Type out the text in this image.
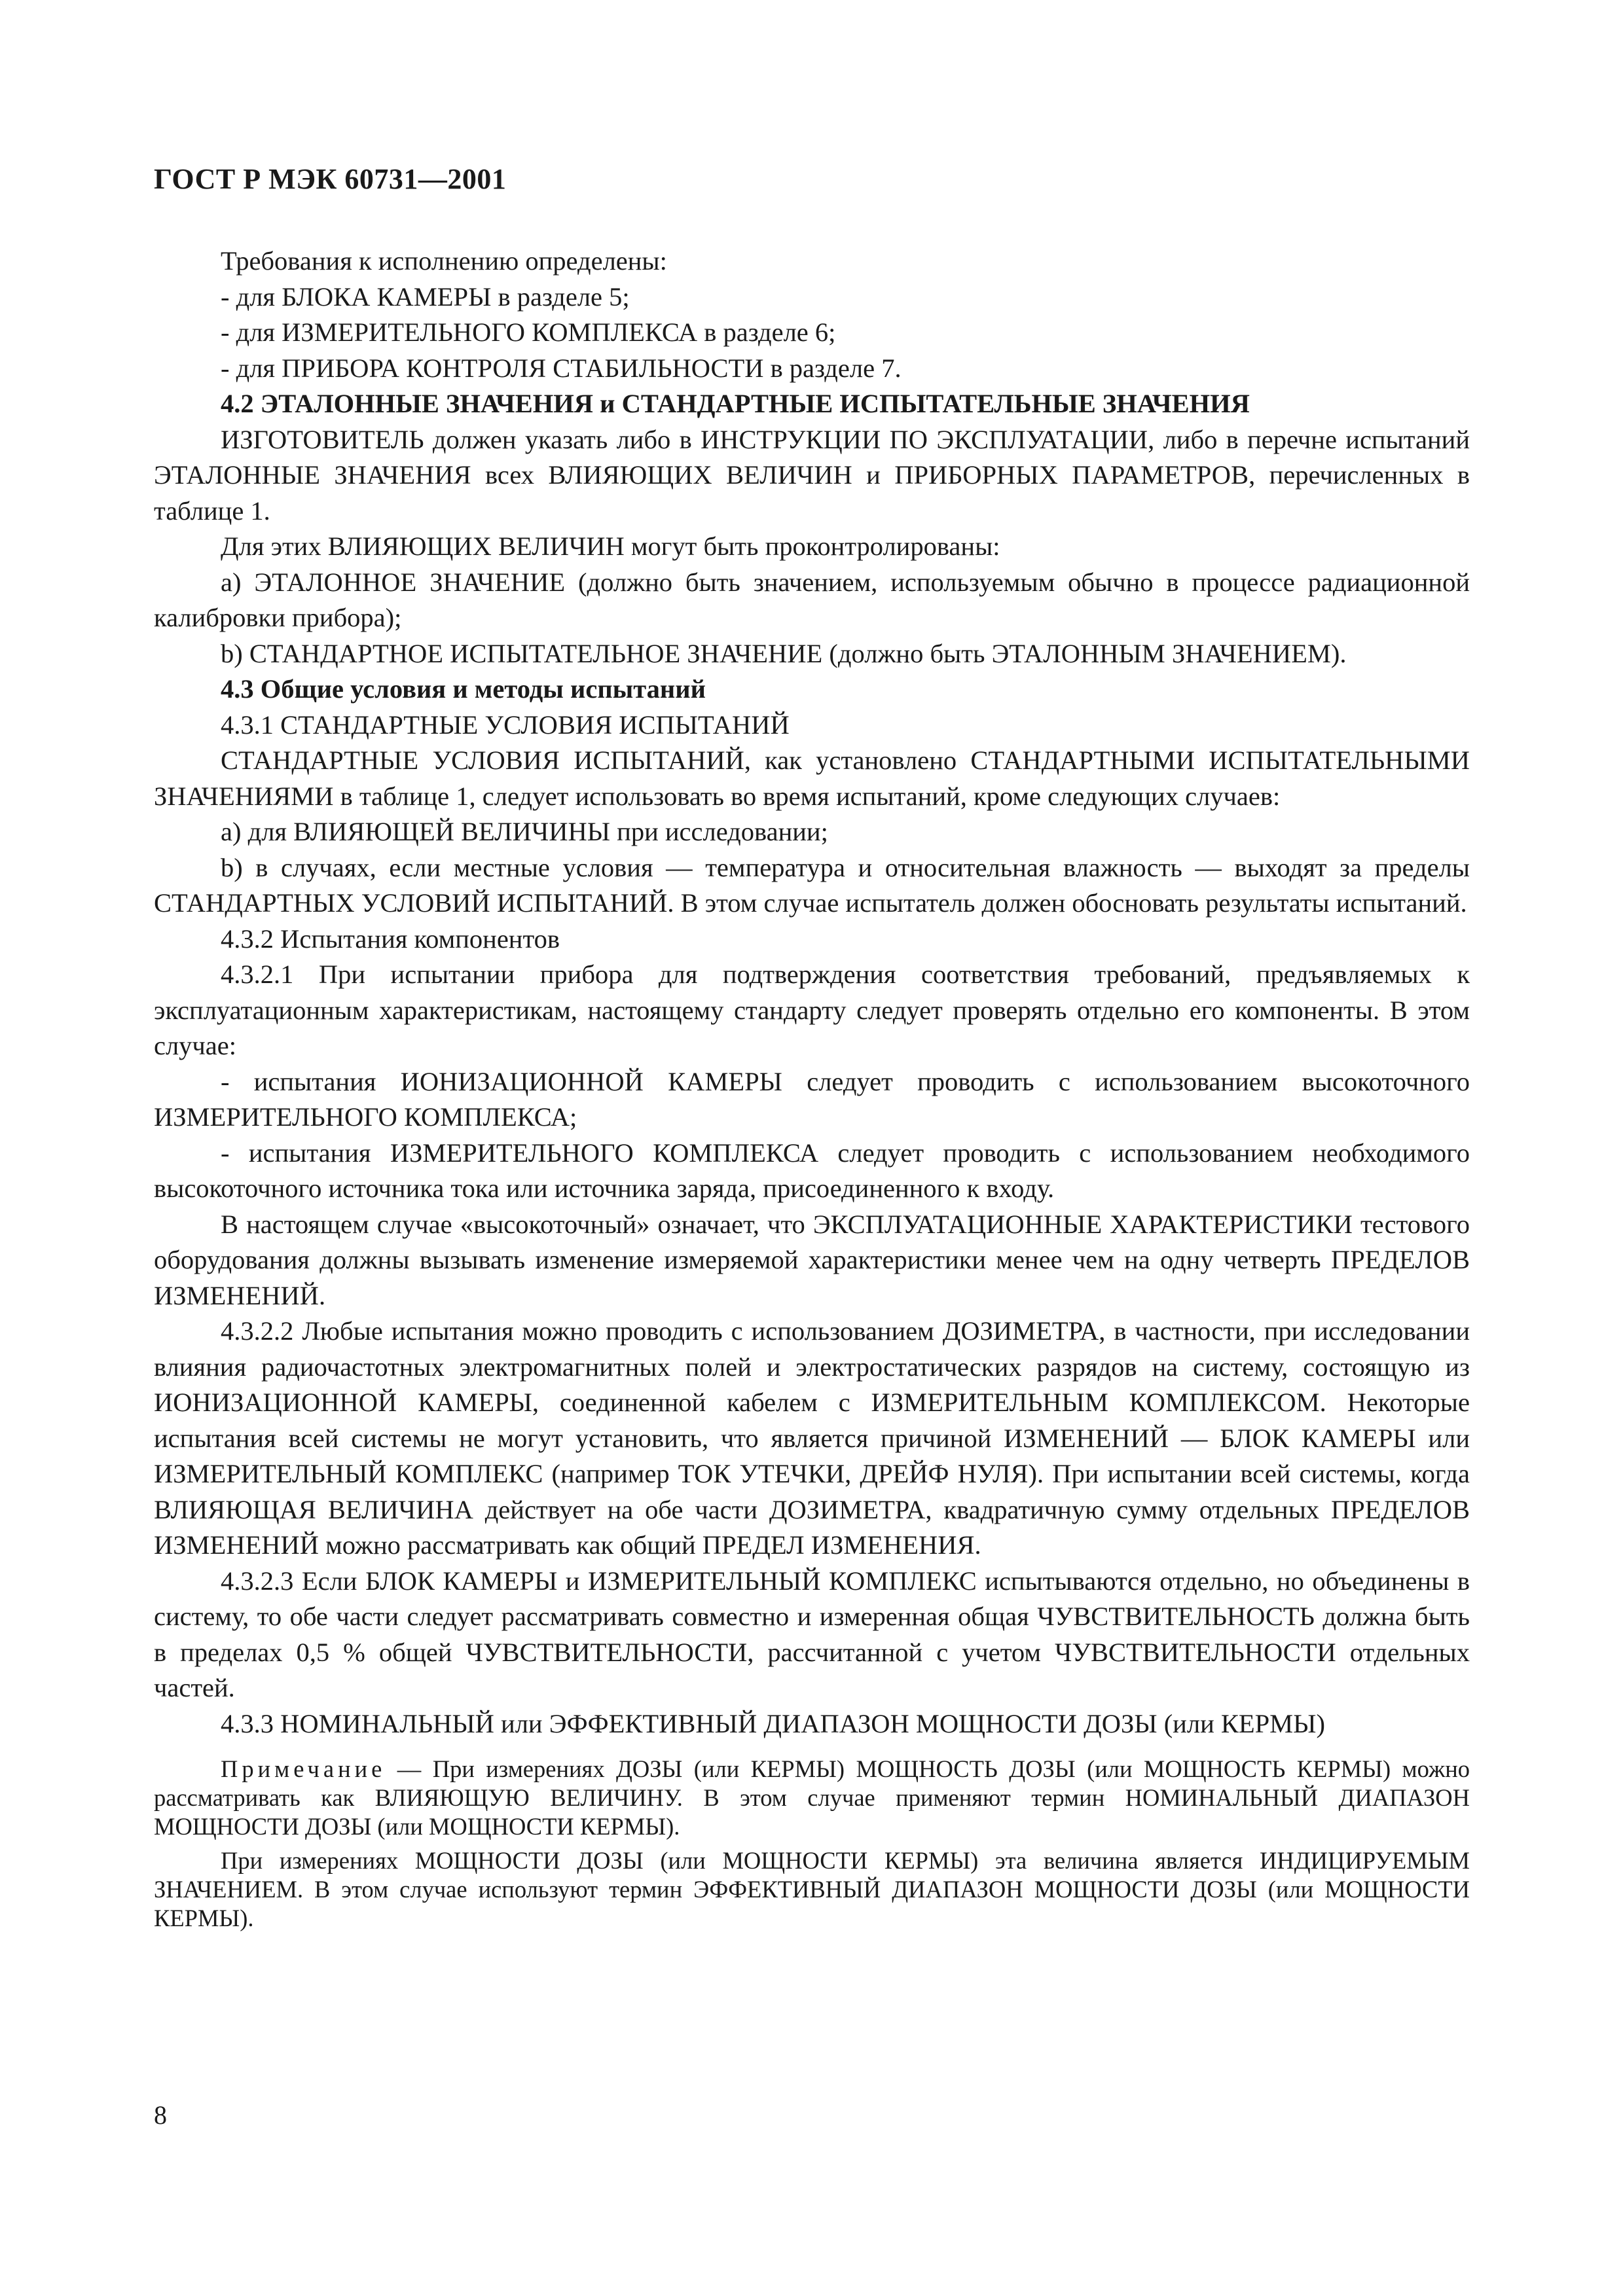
ГОСТ Р МЭК 60731—2001

Требования к исполнению определены:

- для БЛОКА КАМЕРЫ в разделе 5;

- для ИЗМЕРИТЕЛЬНОГО КОМПЛЕКСА в разделе 6;

- для ПРИБОРА КОНТРОЛЯ СТАБИЛЬНОСТИ в разделе 7.

4.2 ЭТАЛОННЫЕ ЗНАЧЕНИЯ и СТАНДАРТНЫЕ ИСПЫТАТЕЛЬНЫЕ ЗНАЧЕНИЯ

ИЗГОТОВИТЕЛЬ должен указать либо в ИНСТРУКЦИИ ПО ЭКСПЛУАТАЦИИ, либо в перечне испытаний ЭТАЛОННЫЕ ЗНАЧЕНИЯ всех ВЛИЯЮЩИХ ВЕЛИЧИН и ПРИБОРНЫХ ПАРАМЕТРОВ, перечисленных в таблице 1.

Для этих ВЛИЯЮЩИХ ВЕЛИЧИН могут быть проконтролированы:

а) ЭТАЛОННОЕ ЗНАЧЕНИЕ (должно быть значением, используемым обычно в процессе радиационной калибровки прибора);

b) СТАНДАРТНОЕ ИСПЫТАТЕЛЬНОЕ ЗНАЧЕНИЕ (должно быть ЭТАЛОННЫМ ЗНАЧЕНИЕМ).

4.3 Общие условия и методы испытаний

4.3.1 СТАНДАРТНЫЕ УСЛОВИЯ ИСПЫТАНИЙ

СТАНДАРТНЫЕ УСЛОВИЯ ИСПЫТАНИЙ, как установлено СТАНДАРТНЫМИ ИСПЫТАТЕЛЬНЫМИ ЗНАЧЕНИЯМИ в таблице 1, следует использовать во время испытаний, кроме следующих случаев:

а) для ВЛИЯЮЩЕЙ ВЕЛИЧИНЫ при исследовании;

b) в случаях, если местные условия — температура и относительная влажность — выходят за пределы СТАНДАРТНЫХ УСЛОВИЙ ИСПЫТАНИЙ. В этом случае испытатель должен обосновать результаты испытаний.

4.3.2 Испытания компонентов

4.3.2.1 При испытании прибора для подтверждения соответствия требований, предъявляемых к эксплуатационным характеристикам, настоящему стандарту следует проверять отдельно его компоненты. В этом случае:

- испытания ИОНИЗАЦИОННОЙ КАМЕРЫ следует проводить с использованием высокоточного ИЗМЕРИТЕЛЬНОГО КОМПЛЕКСА;

- испытания ИЗМЕРИТЕЛЬНОГО КОМПЛЕКСА следует проводить с использованием необходимого высокоточного источника тока или источника заряда, присоединенного к входу.

В настоящем случае «высокоточный» означает, что ЭКСПЛУАТАЦИОННЫЕ ХАРАКТЕРИСТИКИ тестового оборудования должны вызывать изменение измеряемой характеристики менее чем на одну четверть ПРЕДЕЛОВ ИЗМЕНЕНИЙ.

4.3.2.2 Любые испытания можно проводить с использованием ДОЗИМЕТРА, в частности, при исследовании влияния радиочастотных электромагнитных полей и электростатических разрядов на систему, состоящую из ИОНИЗАЦИОННОЙ КАМЕРЫ, соединенной кабелем с ИЗМЕРИТЕЛЬНЫМ КОМПЛЕКСОМ. Некоторые испытания всей системы не могут установить, что является причиной ИЗМЕНЕНИЙ — БЛОК КАМЕРЫ или ИЗМЕРИТЕЛЬНЫЙ КОМПЛЕКС (например ТОК УТЕЧКИ, ДРЕЙФ НУЛЯ). При испытании всей системы, когда ВЛИЯЮЩАЯ ВЕЛИЧИНА действует на обе части ДОЗИМЕТРА, квадратичную сумму отдельных ПРЕДЕЛОВ ИЗМЕНЕНИЙ можно рассматривать как общий ПРЕДЕЛ ИЗМЕНЕНИЯ.

4.3.2.3 Если БЛОК КАМЕРЫ и ИЗМЕРИТЕЛЬНЫЙ КОМПЛЕКС испытываются отдельно, но объединены в систему, то обе части следует рассматривать совместно и измеренная общая ЧУВСТВИТЕЛЬНОСТЬ должна быть в пределах 0,5 % общей ЧУВСТВИТЕЛЬНОСТИ, рассчитанной с учетом ЧУВСТВИТЕЛЬНОСТИ отдельных частей.

4.3.3 НОМИНАЛЬНЫЙ или ЭФФЕКТИВНЫЙ ДИАПАЗОН МОЩНОСТИ ДОЗЫ (или КЕРМЫ)

Примечание — При измерениях ДОЗЫ (или КЕРМЫ) МОЩНОСТЬ ДОЗЫ (или МОЩНОСТЬ КЕРМЫ) можно рассматривать как ВЛИЯЮЩУЮ ВЕЛИЧИНУ. В этом случае применяют термин НОМИНАЛЬНЫЙ ДИАПАЗОН МОЩНОСТИ ДОЗЫ (или МОЩНОСТИ КЕРМЫ).

При измерениях МОЩНОСТИ ДОЗЫ (или МОЩНОСТИ КЕРМЫ) эта величина является ИНДИЦИРУЕМЫМ ЗНАЧЕНИЕМ. В этом случае используют термин ЭФФЕКТИВНЫЙ ДИАПАЗОН МОЩНОСТИ ДОЗЫ (или МОЩНОСТИ КЕРМЫ).

8
